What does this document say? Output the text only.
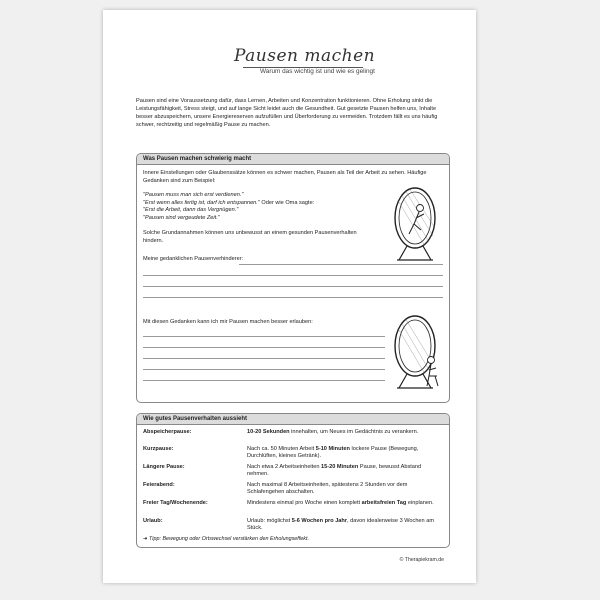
Pausen machen
Warum das wichtig ist und wie es gelingt
Pausen sind eine Voraussetzung dafür, dass Lernen, Arbeiten und Konzentration funktionieren. Ohne Erholung sinkt die Leistungsfähigkeit, Stress steigt, und auf lange Sicht leidet auch die Gesundheit. Gut gesetzte Pausen helfen uns, Inhalte besser abzuspeichern, unsere Energiereserven aufzufüllen und Überforderung zu vermeiden. Trotzdem fällt es uns häufig schwer, rechtzeitig und regelmäßig Pause zu machen.
Was Pausen machen schwierig macht
Innere Einstellungen oder Glaubenssätze können es schwer machen, Pausen als Teil der Arbeit zu sehen. Häufige Gedanken sind zum Beispiel:
"Pausen muss man sich erst verdienen."
"Erst wenn alles fertig ist, darf ich entspannen." Oder wie Oma sagte:
"Erst die Arbeit, dann das Vergnügen."
"Pausen sind vergeudete Zeit."
Solche Grundannahmen können uns unbewusst an einem gesunden Pausenverhalten hindern.
Meine gedanklichen Pausenverhinderer:
Mit diesen Gedanken kann ich mir Pausen machen besser erlauben:
Wie gutes Pausenverhalten aussieht
Abspeicherpause:	10-20 Sekunden innehalten, um Neues im Gedächtnis zu verankern.
Kurzpause:	Nach ca. 50 Minuten Arbeit 5-10 Minuten lockere Pause (Bewegung, Durchlüften, kleines Getränk).
Längere Pause:	Nach etwa 2 Arbeitseinheiten 15-20 Minuten Pause, bewusst Abstand nehmen.
Feierabend:	Nach maximal 8 Arbeitseinheiten, spätestens 2 Stunden vor dem Schlafengehen abschalten.
Freier Tag/Wochenende:	Mindestens einmal pro Woche einen komplett arbeitsfreien Tag einplanen.
Urlaub:	Urlaub: möglichst 5-6 Wochen pro Jahr, davon idealerweise 3 Wochen am Stück.
➜ Tipp: Bewegung oder Ortswechsel verstärken den Erholungseffekt.
© Therapiekram.de
